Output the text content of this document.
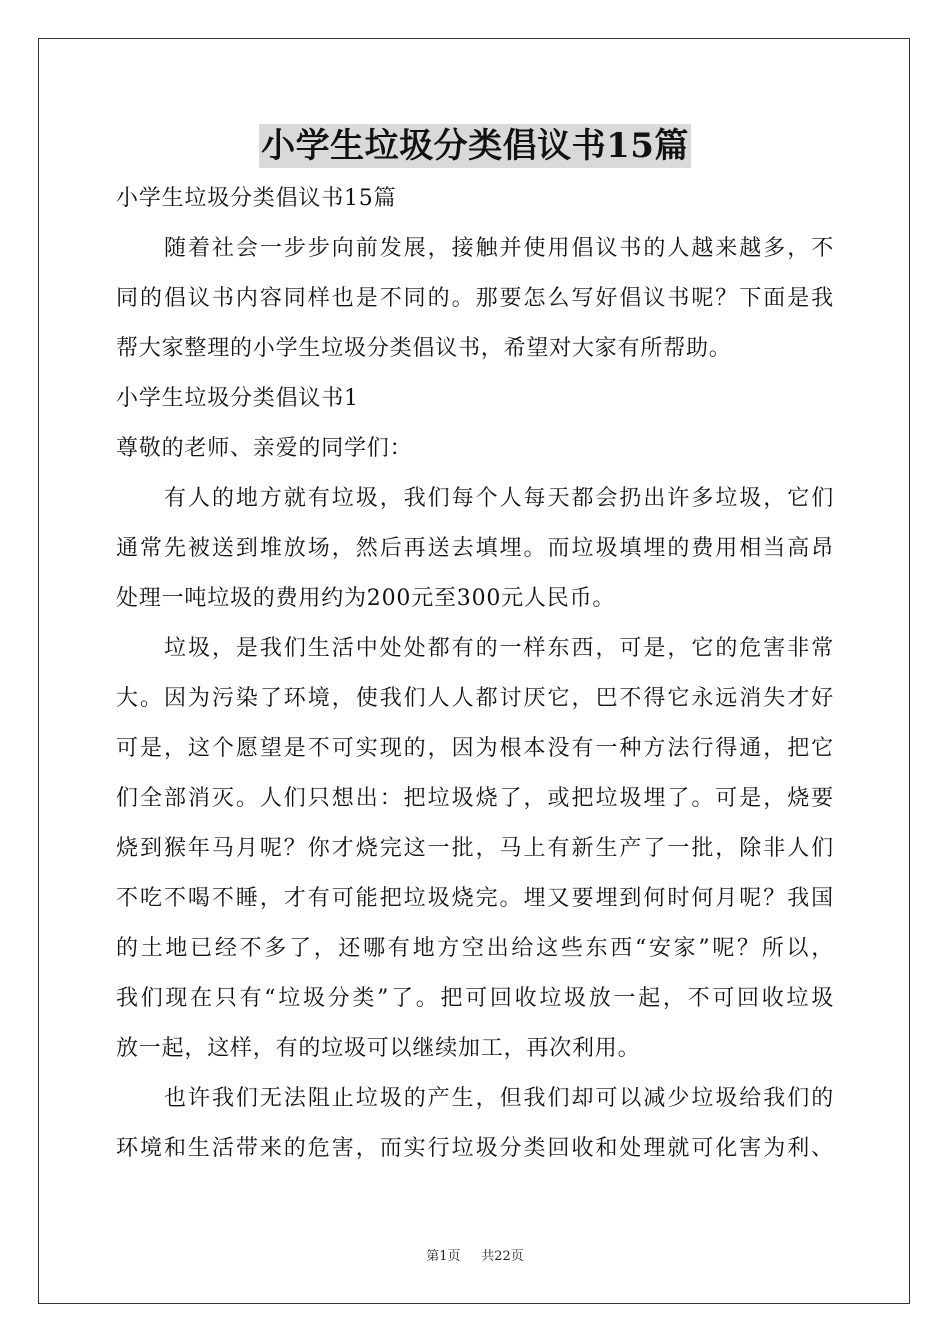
小学生垃圾分类倡议书15篇
小学生垃圾分类倡议书15篇
随着社会一步步向前发展，接触并使用倡议书的人越来越多，不
同的倡议书内容同样也是不同的。那要怎么写好倡议书呢？下面是我
帮大家整理的小学生垃圾分类倡议书，希望对大家有所帮助。
小学生垃圾分类倡议书1
尊敬的老师、亲爱的同学们：
有人的地方就有垃圾，我们每个人每天都会扔出许多垃圾，它们
通常先被送到堆放场，然后再送去填埋。而垃圾填埋的费用相当高昂
处理一吨垃圾的费用约为200元至300元人民币。
垃圾，是我们生活中处处都有的一样东西，可是，它的危害非常
大。因为污染了环境，使我们人人都讨厌它，巴不得它永远消失才好
可是，这个愿望是不可实现的，因为根本没有一种方法行得通，把它
们全部消灭。人们只想出：把垃圾烧了，或把垃圾埋了。可是，烧要
烧到猴年马月呢？你才烧完这一批，马上有新生产了一批，除非人们
不吃不喝不睡，才有可能把垃圾烧完。埋又要埋到何时何月呢？我国
的土地已经不多了，还哪有地方空出给这些东西“安家”呢？所以，
我们现在只有“垃圾分类”了。把可回收垃圾放一起，不可回收垃圾
放一起，这样，有的垃圾可以继续加工，再次利用。
也许我们无法阻止垃圾的产生，但我们却可以减少垃圾给我们的
环境和生活带来的危害，而实行垃圾分类回收和处理就可化害为利、
第1页 共22页
